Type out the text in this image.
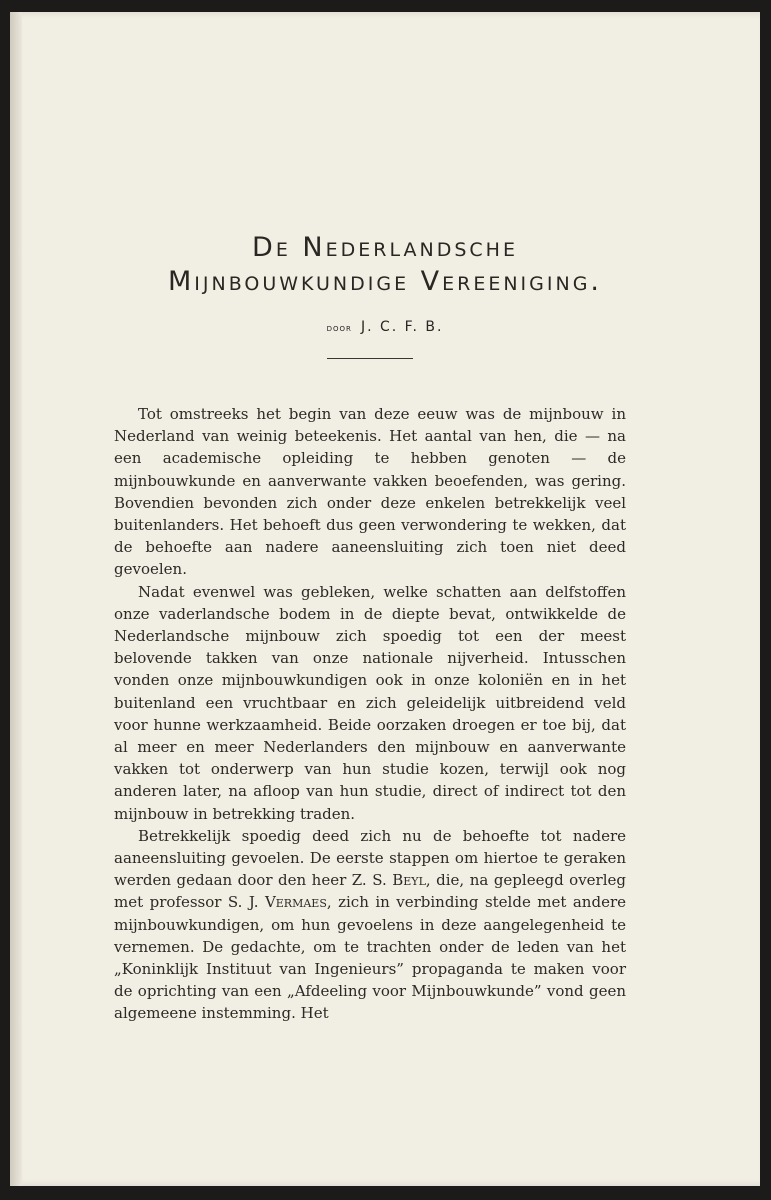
De Nederlandsche
Mijnbouwkundige Vereeniging.
door J. C. F. B.

Tot omstreeks het begin van deze eeuw was de mijnbouw in Nederland van weinig beteekenis. Het aantal van hen, die — na een academische opleiding te hebben genoten — de mijnbouwkunde en aanverwante vakken beoefenden, was gering. Bovendien bevonden zich onder deze enkelen betrekkelijk veel buitenlanders. Het behoeft dus geen verwondering te wekken, dat de behoefte aan nadere aaneensluiting zich toen niet deed gevoelen.

Nadat evenwel was gebleken, welke schatten aan delfstoffen onze vaderlandsche bodem in de diepte bevat, ontwikkelde de Nederlandsche mijnbouw zich spoedig tot een der meest belovende takken van onze nationale nijverheid. Intusschen vonden onze mijnbouwkundigen ook in onze koloniën en in het buitenland een vruchtbaar en zich geleidelijk uitbreidend veld voor hunne werkzaamheid. Beide oorzaken droegen er toe bij, dat al meer en meer Nederlanders den mijnbouw en aanverwante vakken tot onderwerp van hun studie kozen, terwijl ook nog anderen later, na afloop van hun studie, direct of indirect tot den mijnbouw in betrekking traden.

Betrekkelijk spoedig deed zich nu de behoefte tot nadere aaneensluiting gevoelen. De eerste stappen om hiertoe te geraken werden gedaan door den heer Z. S. Beyl, die, na gepleegd overleg met professor S. J. Vermaes, zich in verbinding stelde met andere mijnbouwkundigen, om hun gevoelens in deze aangelegenheid te vernemen. De gedachte, om te trachten onder de leden van het „Koninklijk Instituut van Ingenieurs” propaganda te maken voor de oprichting van een „Afdeeling voor Mijnbouwkunde” vond geen algemeene instemming. Het
